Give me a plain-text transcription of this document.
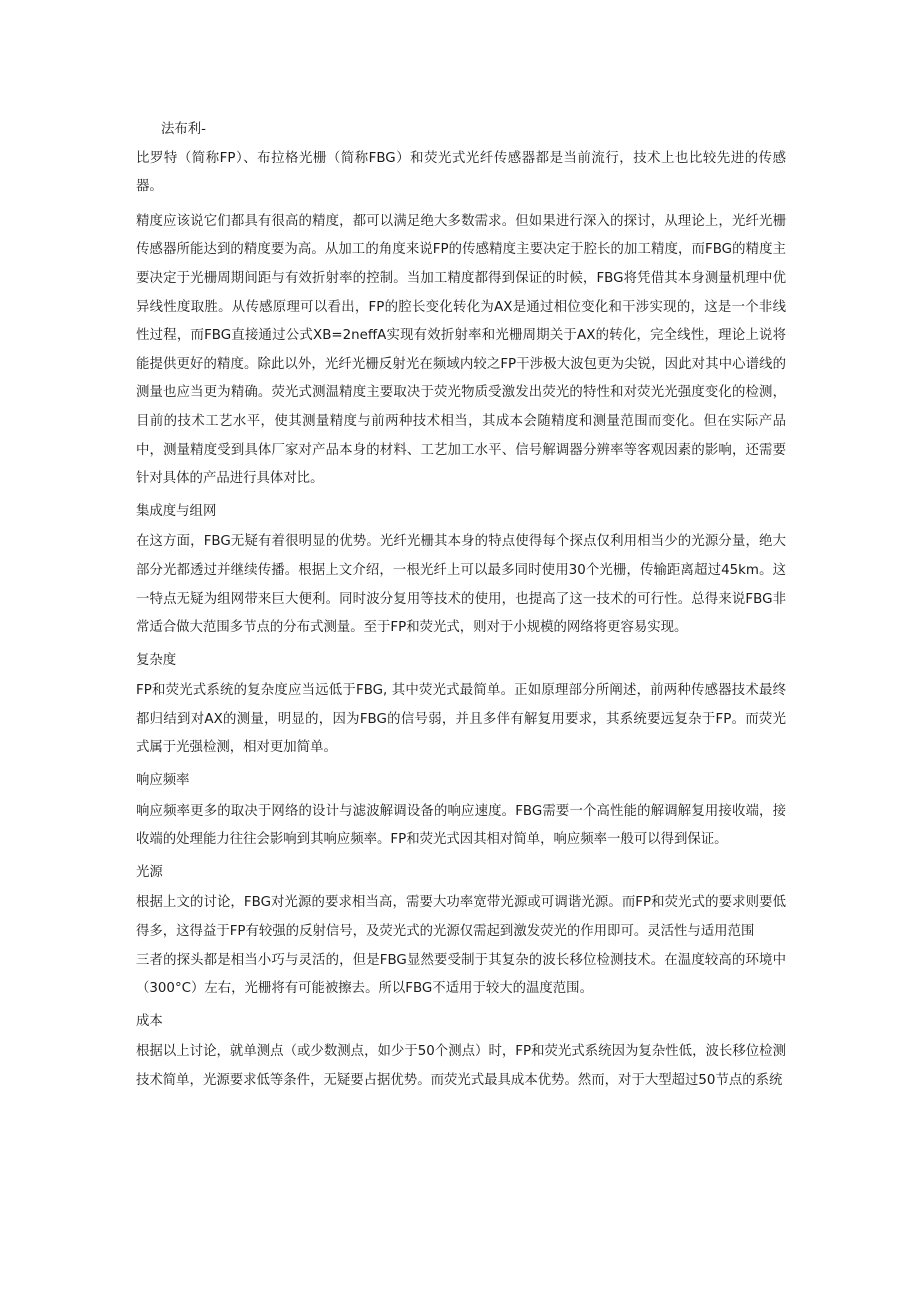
法布利-

比罗特（简称FP）、布拉格光栅（简称FBG）和荧光式光纤传感器都是当前流行，技术上也比较先进的传感器。

精度应该说它们都具有很高的精度，都可以满足绝大多数需求。但如果进行深入的探讨，从理论上，光纤光栅传感器所能达到的精度要为高。从加工的角度来说FP的传感精度主要决定于腔长的加工精度，而FBG的精度主要决定于光栅周期间距与有效折射率的控制。当加工精度都得到保证的时候，FBG将凭借其本身测量机理中优异线性度取胜。从传感原理可以看出，FP的腔长变化转化为AX是通过相位变化和干涉实现的，这是一个非线性过程，而FBG直接通过公式XB=2neffA实现有效折射率和光栅周期关于AX的转化，完全线性，理论上说将能提供更好的精度。除此以外，光纤光栅反射光在频域内较之FP干涉极大波包更为尖锐，因此对其中心谱线的测量也应当更为精确。荧光式测温精度主要取决于荧光物质受激发出荧光的特性和对荧光光强度变化的检测，目前的技术工艺水平，使其测量精度与前两种技术相当，其成本会随精度和测量范围而变化。但在实际产品中，测量精度受到具体厂家对产品本身的材料、工艺加工水平、信号解调器分辨率等客观因素的影响，还需要针对具体的产品进行具体对比。

集成度与组网

在这方面，FBG无疑有着很明显的优势。光纤光栅其本身的特点使得每个探点仅利用相当少的光源分量，绝大部分光都透过并继续传播。根据上文介绍，一根光纤上可以最多同时使用30个光栅，传输距离超过45km。这一特点无疑为组网带来巨大便利。同时波分复用等技术的使用，也提高了这一技术的可行性。总得来说FBG非常适合做大范围多节点的分布式测量。至于FP和荧光式，则对于小规模的网络将更容易实现。

复杂度

FP和荧光式系统的复杂度应当远低于FBG, 其中荧光式最简单。正如原理部分所阐述，前两种传感器技术最终都归结到对AX的测量，明显的，因为FBG的信号弱，并且多伴有解复用要求，其系统要远复杂于FP。而荧光式属于光强检测，相对更加简单。

响应频率

响应频率更多的取决于网络的设计与滤波解调设备的响应速度。FBG需要一个高性能的解调解复用接收端，接收端的处理能力往往会影响到其响应频率。FP和荧光式因其相对简单，响应频率一般可以得到保证。

光源

根据上文的讨论，FBG对光源的要求相当高，需要大功率宽带光源或可调谐光源。而FP和荧光式的要求则要低得多，这得益于FP有较强的反射信号，及荧光式的光源仅需起到激发荧光的作用即可。灵活性与适用范围

三者的探头都是相当小巧与灵活的，但是FBG显然要受制于其复杂的波长移位检测技术。在温度较高的环境中（300°C）左右，光栅将有可能被擦去。所以FBG不适用于较大的温度范围。

成本

根据以上讨论，就单测点（或少数测点，如少于50个测点）时，FP和荧光式系统因为复杂性低，波长移位检测技术简单，光源要求低等条件，无疑要占据优势。而荧光式最具成本优势。然而，对于大型超过50节点的系统
